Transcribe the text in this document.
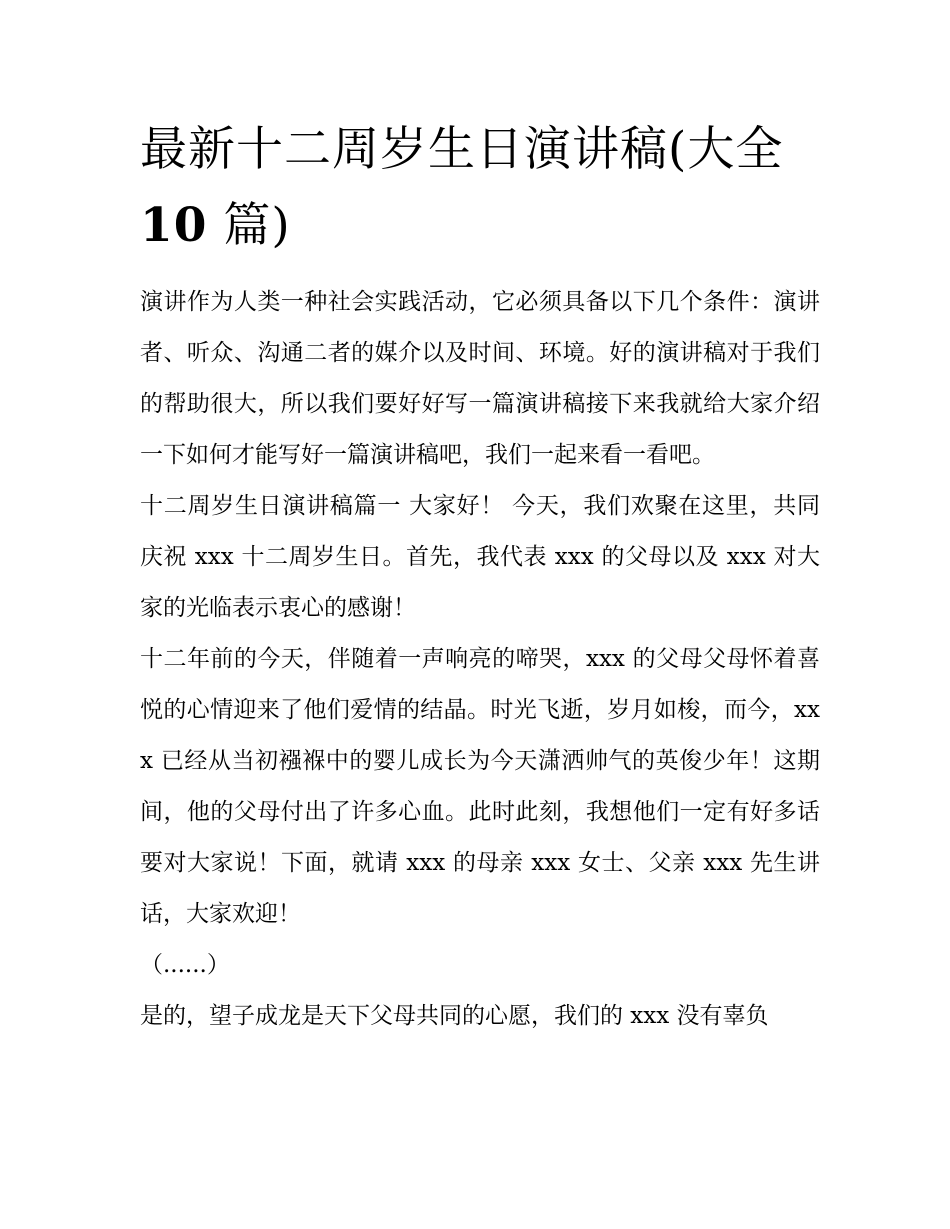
最新十二周岁生日演讲稿(大全
10 篇)

演讲作为人类一种社会实践活动，它必须具备以下几个条件：演讲者、听众、沟通二者的媒介以及时间、环境。好的演讲稿对于我们的帮助很大，所以我们要好好写一篇演讲稿接下来我就给大家介绍一下如何才能写好一篇演讲稿吧，我们一起来看一看吧。

十二周岁生日演讲稿篇一 大家好！ 今天，我们欢聚在这里，共同庆祝 xxx 十二周岁生日。首先，我代表 xxx 的父母以及 xxx 对大家的光临表示衷心的感谢！

十二年前的今天，伴随着一声响亮的啼哭，xxx 的父母父母怀着喜悦的心情迎来了他们爱情的结晶。时光飞逝，岁月如梭，而今，xxx 已经从当初襁褓中的婴儿成长为今天潇洒帅气的英俊少年！这期间，他的父母付出了许多心血。此时此刻，我想他们一定有好多话要对大家说！下面，就请 xxx 的母亲 xxx 女士、父亲 xxx 先生讲话，大家欢迎！

（......）

是的，望子成龙是天下父母共同的心愿，我们的 xxx 没有辜负
